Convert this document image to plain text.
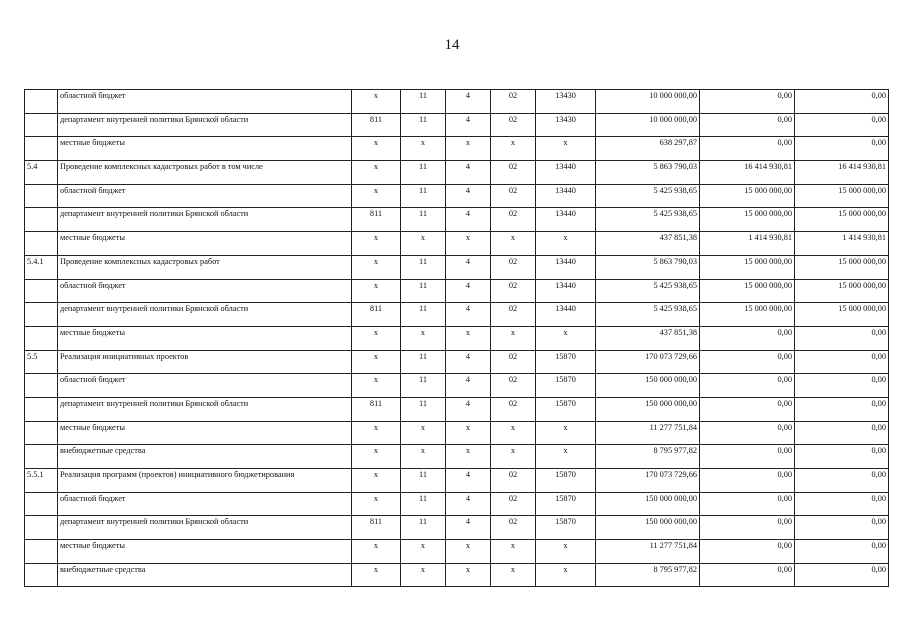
14
	областной бюджет	x	11	4	02	13430	10 000 000,00	0,00	0,00
	департамент внутренней политики Брянской области	811	11	4	02	13430	10 000 000,00	0,00	0,00
	местные бюджеты	x	x	x	x	x	638 297,87	0,00	0,00
5.4	Проведение комплексных кадастровых работ в том числе	x	11	4	02	13440	5 863 790,03	16 414 930,81	16 414 930,81
	областной бюджет	x	11	4	02	13440	5 425 938,65	15 000 000,00	15 000 000,00
	департамент внутренней политики Брянской области	811	11	4	02	13440	5 425 938,65	15 000 000,00	15 000 000,00
	местные бюджеты	x	x	x	x	x	437 851,38	1 414 930,81	1 414 930,81
5.4.1	Проведение комплексных кадастровых работ	x	11	4	02	13440	5 863 790,03	15 000 000,00	15 000 000,00
	областной бюджет	x	11	4	02	13440	5 425 938,65	15 000 000,00	15 000 000,00
	департамент внутренней политики Брянской области	811	11	4	02	13440	5 425 938,65	15 000 000,00	15 000 000,00
	местные бюджеты	x	x	x	x	x	437 851,38	0,00	0,00
5.5	Реализация инициативных проектов	x	11	4	02	15870	170 073 729,66	0,00	0,00
	областной бюджет	x	11	4	02	15870	150 000 000,00	0,00	0,00
	департамент внутренней политики Брянской области	811	11	4	02	15870	150 000 000,00	0,00	0,00
	местные бюджеты	x	x	x	x	x	11 277 751,84	0,00	0,00
	внебюджетные средства	x	x	x	x	x	8 795 977,82	0,00	0,00
5.5.1	Реализация программ (проектов) инициативного бюджетирования	x	11	4	02	15870	170 073 729,66	0,00	0,00
	областной бюджет	x	11	4	02	15870	150 000 000,00	0,00	0,00
	департамент внутренней политики Брянской области	811	11	4	02	15870	150 000 000,00	0,00	0,00
	местные бюджеты	x	x	x	x	x	11 277 751,84	0,00	0,00
	внебюджетные средства	x	x	x	x	x	8 795 977,82	0,00	0,00
